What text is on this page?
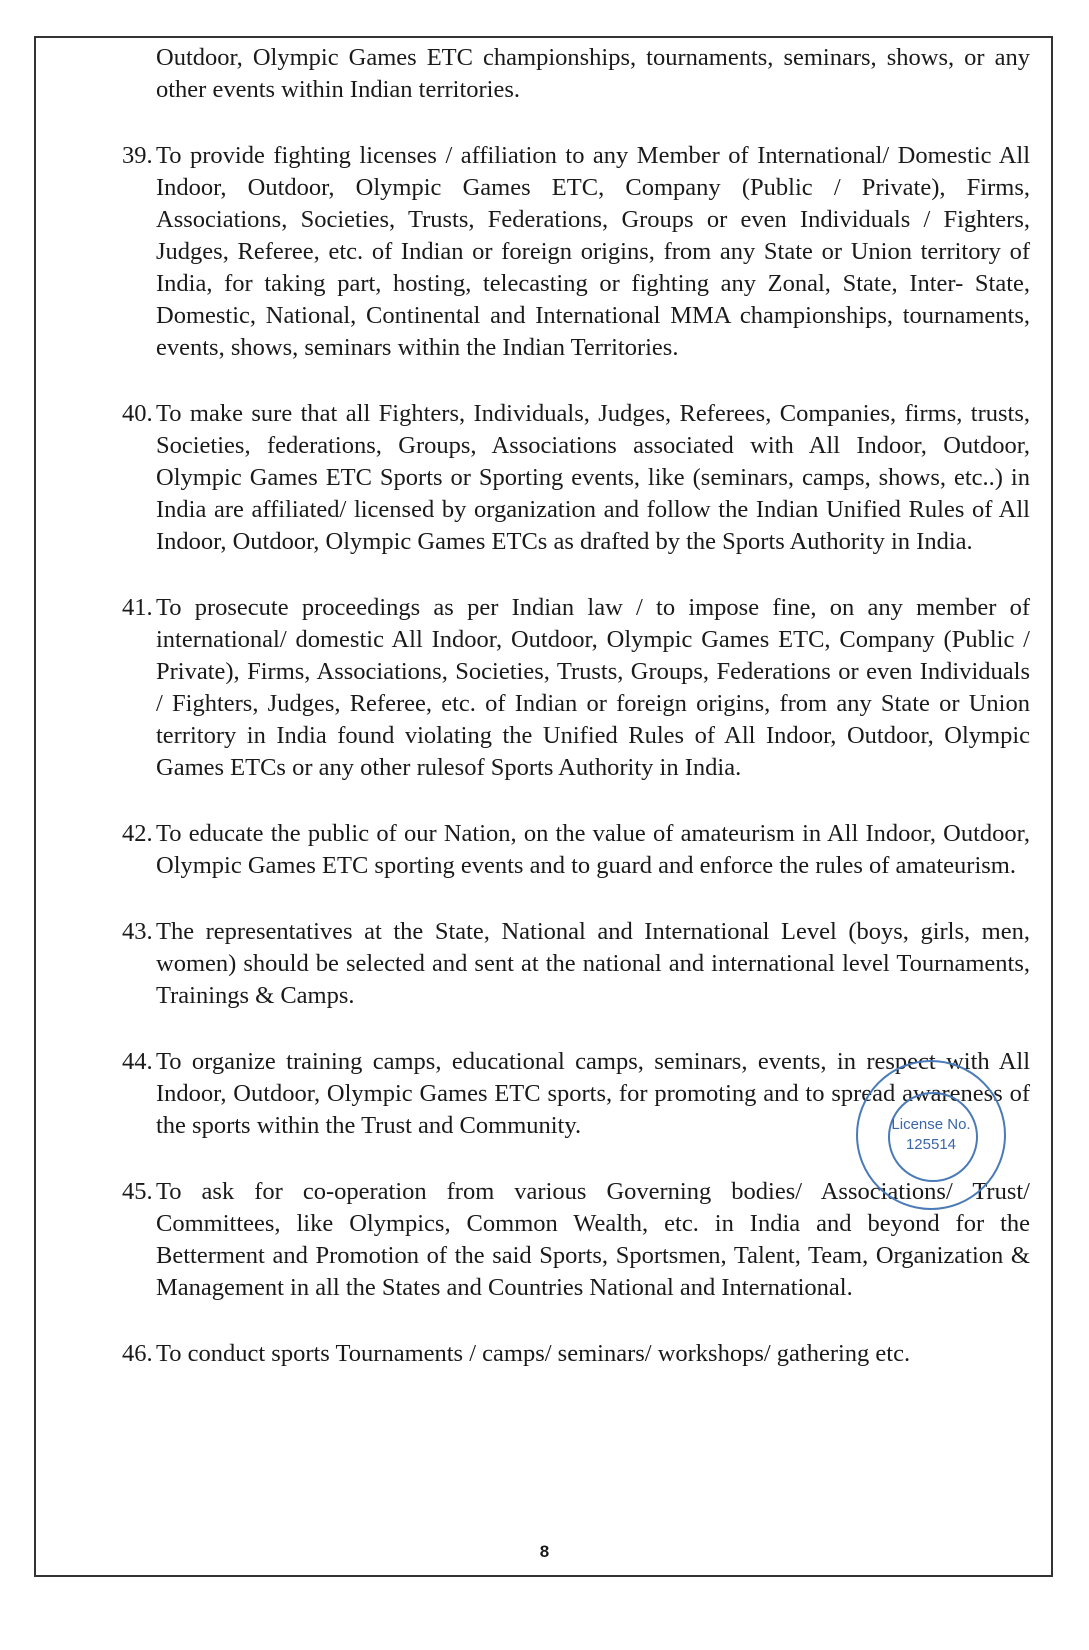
Outdoor, Olympic Games ETC championships, tournaments, seminars, shows, or any other events within Indian territories.

39. To provide fighting licenses / affiliation to any Member of International/ Domestic All Indoor, Outdoor, Olympic Games ETC, Company (Public / Private), Firms, Associations, Societies, Trusts, Federations, Groups or even Individuals / Fighters, Judges, Referee, etc. of Indian or foreign origins, from any State or Union territory of India, for taking part, hosting, telecasting or fighting any Zonal, State, Inter- State, Domestic, National, Continental and International MMA championships, tournaments, events, shows, seminars within the Indian Territories.

40. To make sure that all Fighters, Individuals, Judges, Referees, Companies, firms, trusts, Societies, federations, Groups, Associations associated with All Indoor, Outdoor, Olympic Games ETC Sports or Sporting events, like (seminars, camps, shows, etc..) in India are affiliated/ licensed by organization and follow the Indian Unified Rules of All Indoor, Outdoor, Olympic Games ETCs as drafted by the Sports Authority in India.

41. To prosecute proceedings as per Indian law / to impose fine, on any member of international/ domestic All Indoor, Outdoor, Olympic Games ETC, Company (Public / Private), Firms, Associations, Societies, Trusts, Groups, Federations or even Individuals / Fighters, Judges, Referee, etc. of Indian or foreign origins, from any State or Union territory in India found violating the Unified Rules of All Indoor, Outdoor, Olympic Games ETCs or any other rulesof Sports Authority in India.

42. To educate the public of our Nation, on the value of amateurism in All Indoor, Outdoor, Olympic Games ETC sporting events and to guard and enforce the rules of amateurism.

43. The representatives at the State, National and International Level (boys, girls, men, women) should be selected and sent at the national and international level Tournaments, Trainings & Camps.

44. To organize training camps, educational camps, seminars, events, in respect with All Indoor, Outdoor, Olympic Games ETC sports, for promoting and to spread awareness of the sports within the Trust and Community.

45. To ask for co-operation from various Governing bodies/ Associations/ Trust/ Committees, like Olympics, Common Wealth, etc. in India and beyond for the Betterment and Promotion of the said Sports, Sportsmen, Talent, Team, Organization & Management in all the States and Countries National and International.

46. To conduct sports Tournaments / camps/ seminars/ workshops/ gathering etc.

License No.
125514
8
